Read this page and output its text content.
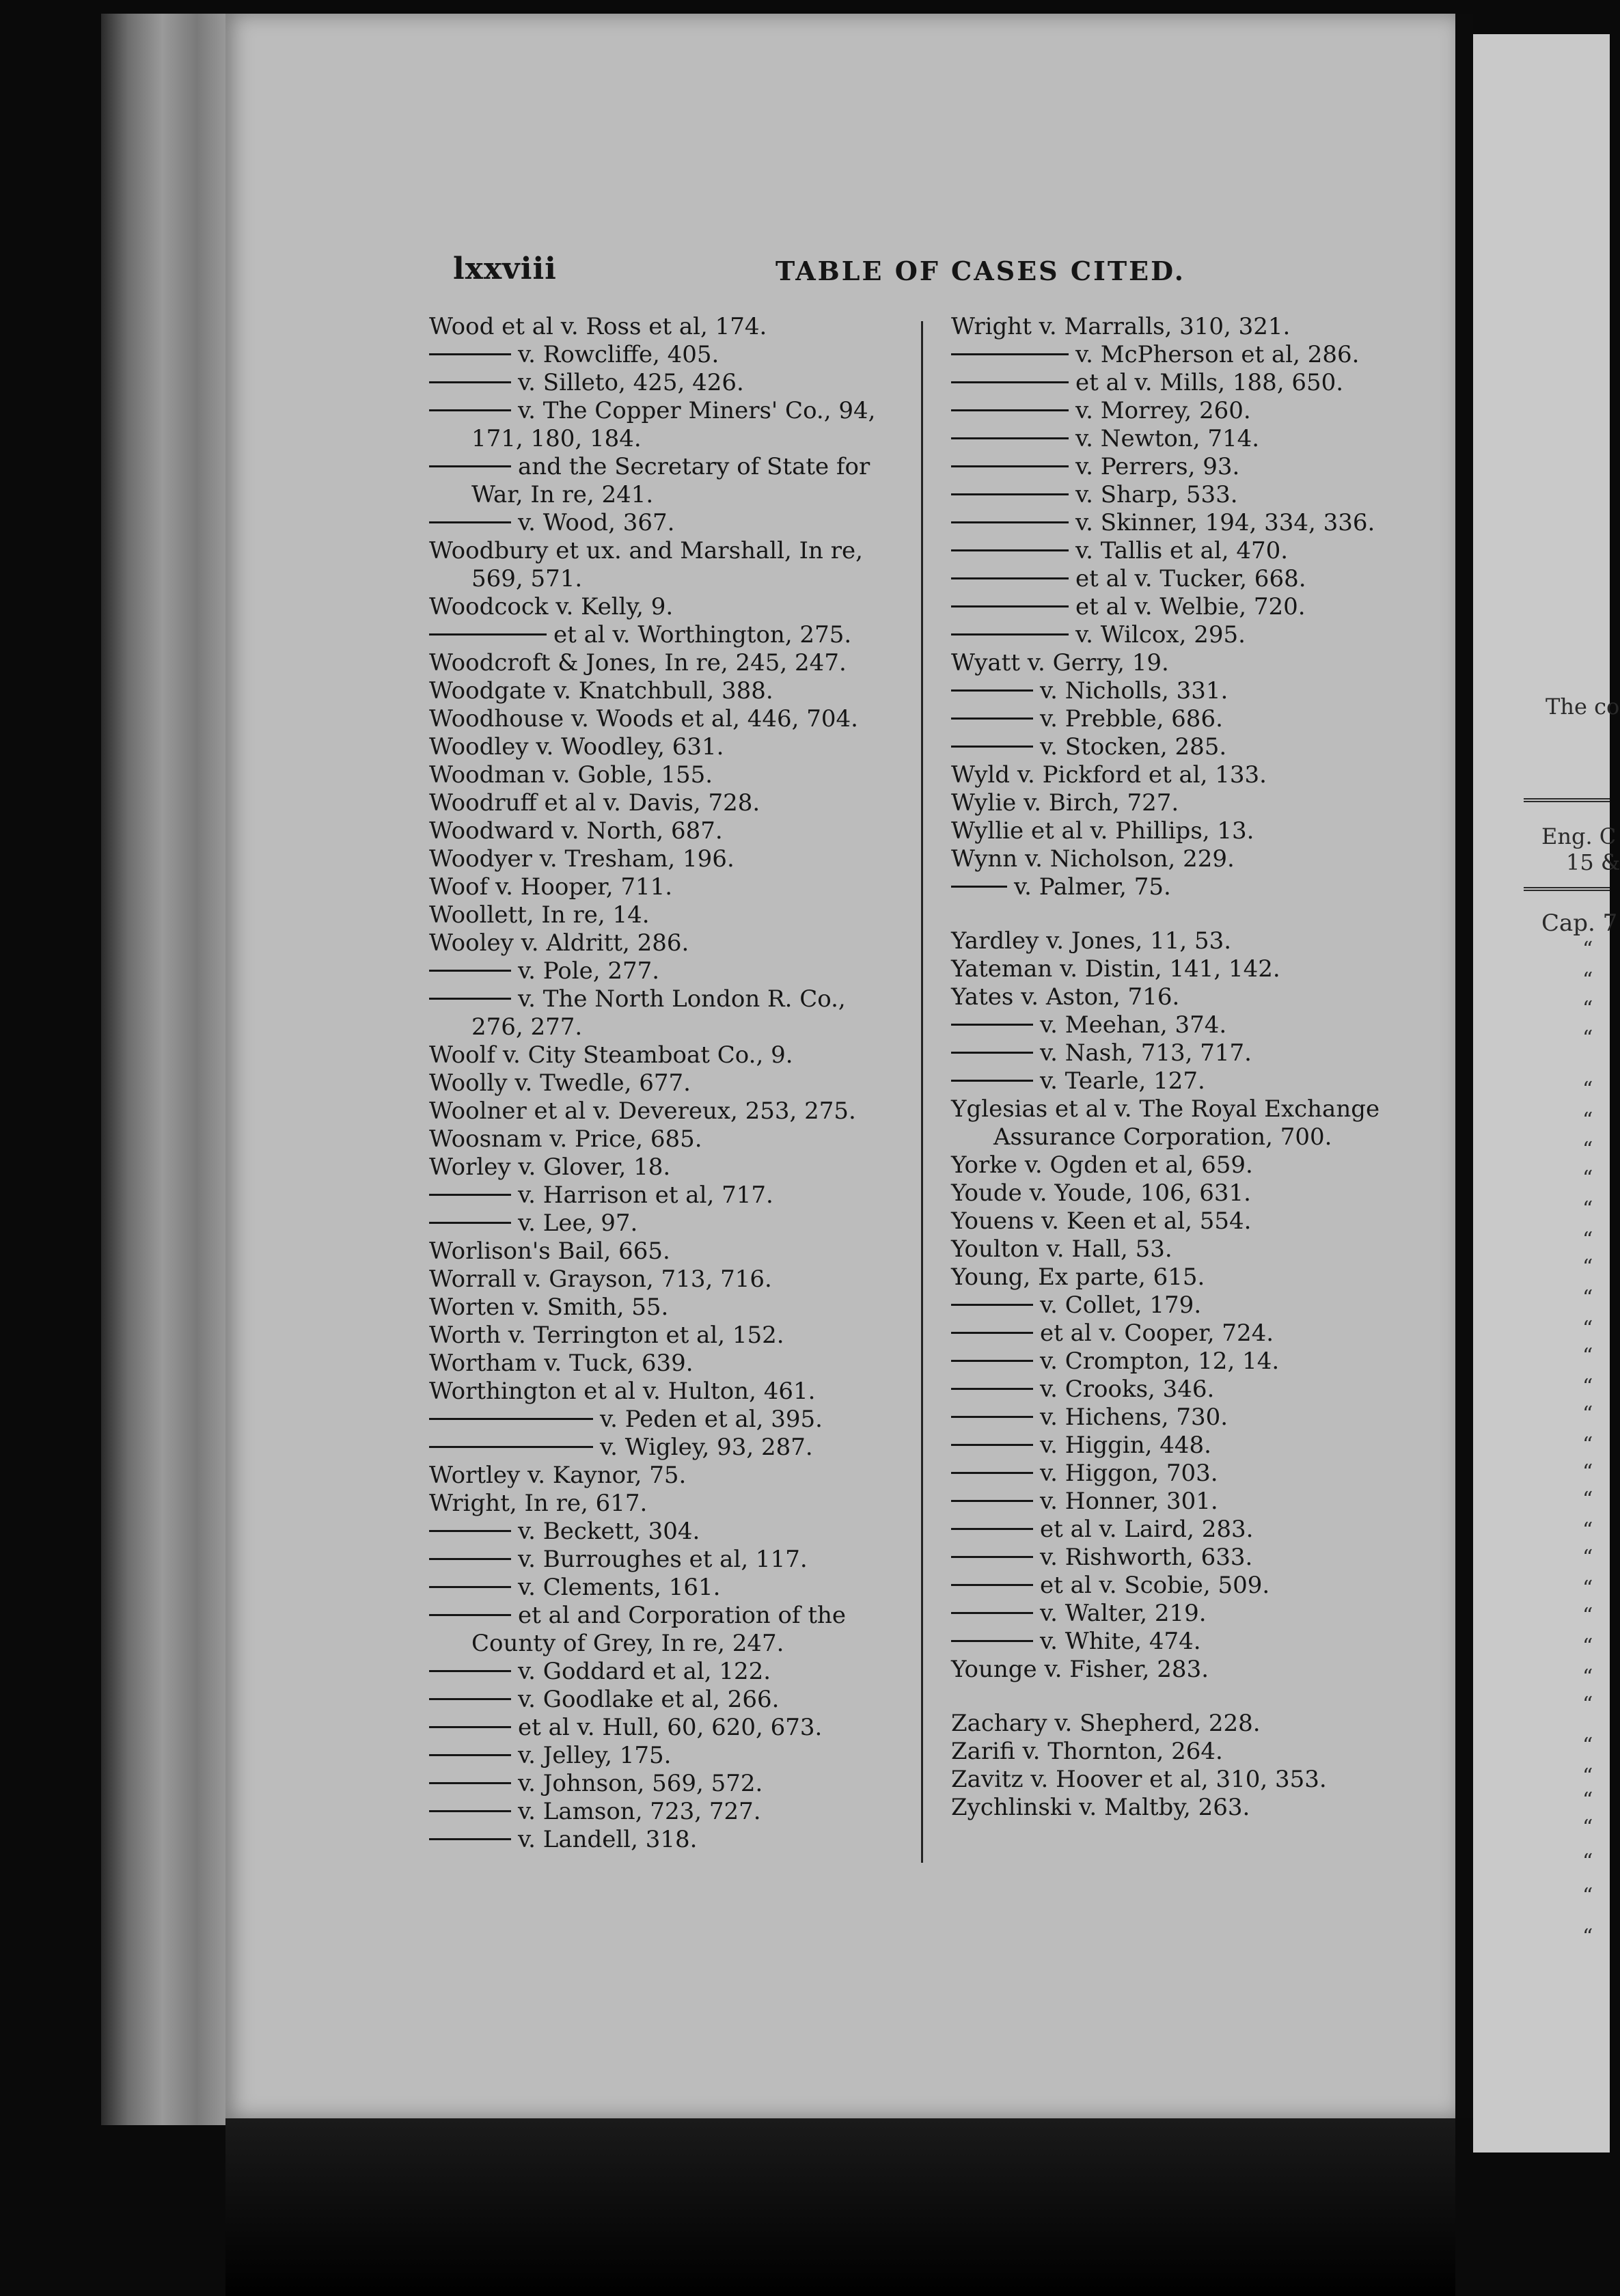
The co
Eng. C
15 &
Cap. 7
“
“
“
“
“
“
“
“
“
“
“
“
“
“
“
“
“
“
“
“
“
“
“
“
“
“
“
“
“
“
“
“
“
lxxviii	TABLE OF CASES CITED.
Wood et al v. Ross et al, 174.
v. Rowcliffe, 405.
v. Silleto, 425, 426.
v. The Copper Miners' Co., 94,
171, 180, 184.
and the Secretary of State for
War, In re, 241.
v. Wood, 367.
Woodbury et ux. and Marshall, In re,
569, 571.
Woodcock v. Kelly, 9.
et al v. Worthington, 275.
Woodcroft & Jones, In re, 245, 247.
Woodgate v. Knatchbull, 388.
Woodhouse v. Woods et al, 446, 704.
Woodley v. Woodley, 631.
Woodman v. Goble, 155.
Woodruff et al v. Davis, 728.
Woodward v. North, 687.
Woodyer v. Tresham, 196.
Woof v. Hooper, 711.
Woollett, In re, 14.
Wooley v. Aldritt, 286.
v. Pole, 277.
v. The North London R. Co.,
276, 277.
Woolf v. City Steamboat Co., 9.
Woolly v. Twedle, 677.
Woolner et al v. Devereux, 253, 275.
Woosnam v. Price, 685.
Worley v. Glover, 18.
v. Harrison et al, 717.
v. Lee, 97.
Worlison's Bail, 665.
Worrall v. Grayson, 713, 716.
Worten v. Smith, 55.
Worth v. Terrington et al, 152.
Wortham v. Tuck, 639.
Worthington et al v. Hulton, 461.
v. Peden et al, 395.
v. Wigley, 93, 287.
Wortley v. Kaynor, 75.
Wright, In re, 617.
v. Beckett, 304.
v. Burroughes et al, 117.
v. Clements, 161.
et al and Corporation of the
County of Grey, In re, 247.
v. Goddard et al, 122.
v. Goodlake et al, 266.
et al v. Hull, 60, 620, 673.
v. Jelley, 175.
v. Johnson, 569, 572.
v. Lamson, 723, 727.
v. Landell, 318.
Wright v. Marralls, 310, 321.
v. McPherson et al, 286.
et al v. Mills, 188, 650.
v. Morrey, 260.
v. Newton, 714.
v. Perrers, 93.
v. Sharp, 533.
v. Skinner, 194, 334, 336.
v. Tallis et al, 470.
et al v. Tucker, 668.
et al v. Welbie, 720.
v. Wilcox, 295.
Wyatt v. Gerry, 19.
v. Nicholls, 331.
v. Prebble, 686.
v. Stocken, 285.
Wyld v. Pickford et al, 133.
Wylie v. Birch, 727.
Wyllie et al v. Phillips, 13.
Wynn v. Nicholson, 229.
v. Palmer, 75.
Yardley v. Jones, 11, 53.
Yateman v. Distin, 141, 142.
Yates v. Aston, 716.
v. Meehan, 374.
v. Nash, 713, 717.
v. Tearle, 127.
Yglesias et al v. The Royal Exchange
Assurance Corporation, 700.
Yorke v. Ogden et al, 659.
Youde v. Youde, 106, 631.
Youens v. Keen et al, 554.
Youlton v. Hall, 53.
Young, Ex parte, 615.
v. Collet, 179.
et al v. Cooper, 724.
v. Crompton, 12, 14.
v. Crooks, 346.
v. Hichens, 730.
v. Higgin, 448.
v. Higgon, 703.
v. Honner, 301.
et al v. Laird, 283.
v. Rishworth, 633.
et al v. Scobie, 509.
v. Walter, 219.
v. White, 474.
Younge v. Fisher, 283.
Zachary v. Shepherd, 228.
Zarifi v. Thornton, 264.
Zavitz v. Hoover et al, 310, 353.
Zychlinski v. Maltby, 263.
